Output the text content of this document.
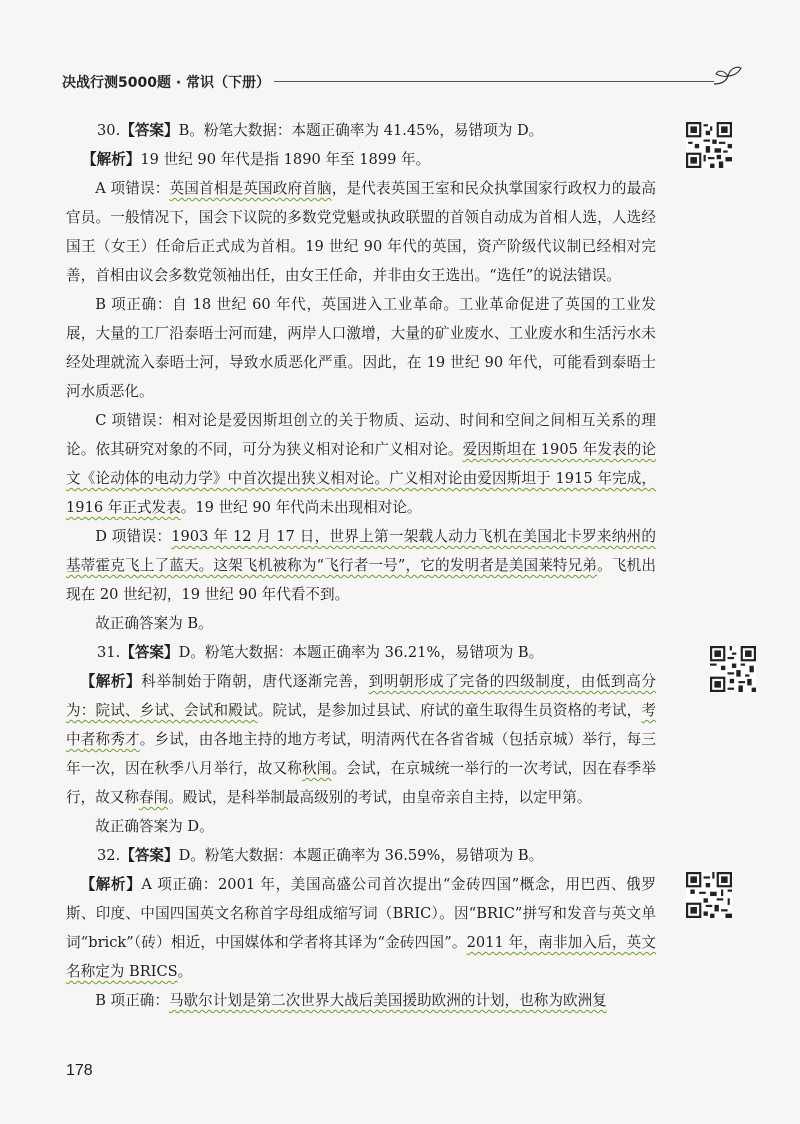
决战行测5000题 · 常识（下册）

30.【答案】B。粉笔大数据：本题正确率为 41.45%，易错项为 D。

【解析】19 世纪 90 年代是指 1890 年至 1899 年。

A 项错误：英国首相是英国政府首脑，是代表英国王室和民众执掌国家行政权力的最高官员。一般情况下，国会下议院的多数党党魁或执政联盟的首领自动成为首相人选，人选经国王（女王）任命后正式成为首相。19 世纪 90 年代的英国，资产阶级代议制已经相对完善，首相由议会多数党领袖出任，由女王任命，并非由女王选出。“选任”的说法错误。

B 项正确：自 18 世纪 60 年代，英国进入工业革命。工业革命促进了英国的工业发展，大量的工厂沿泰晤士河而建，两岸人口激增，大量的矿业废水、工业废水和生活污水未经处理就流入泰晤士河，导致水质恶化严重。因此，在 19 世纪 90 年代，可能看到泰晤士河水质恶化。

C 项错误：相对论是爱因斯坦创立的关于物质、运动、时间和空间之间相互关系的理论。依其研究对象的不同，可分为狭义相对论和广义相对论。爱因斯坦在 1905 年发表的论文《论动体的电动力学》中首次提出狭义相对论。广义相对论由爱因斯坦于 1915 年完成，1916 年正式发表。19 世纪 90 年代尚未出现相对论。

D 项错误：1903 年 12 月 17 日，世界上第一架载人动力飞机在美国北卡罗来纳州的基蒂霍克飞上了蓝天。这架飞机被称为“飞行者一号”，它的发明者是美国莱特兄弟。飞机出现在 20 世纪初，19 世纪 90 年代看不到。

故正确答案为 B。

31.【答案】D。粉笔大数据：本题正确率为 36.21%，易错项为 B。

【解析】科举制始于隋朝，唐代逐渐完善，到明朝形成了完备的四级制度，由低到高分为：院试、乡试、会试和殿试。院试，是参加过县试、府试的童生取得生员资格的考试，考中者称秀才。乡试，由各地主持的地方考试，明清两代在各省省城（包括京城）举行，每三年一次，因在秋季八月举行，故又称秋闱。会试，在京城统一举行的一次考试，因在春季举行，故又称春闱。殿试，是科举制最高级别的考试，由皇帝亲自主持，以定甲第。

故正确答案为 D。

32.【答案】D。粉笔大数据：本题正确率为 36.59%，易错项为 B。

【解析】A 项正确：2001 年，美国高盛公司首次提出“金砖四国”概念，用巴西、俄罗斯、印度、中国四国英文名称首字母组成缩写词（BRIC）。因“BRIC”拼写和发音与英文单词“brick”（砖）相近，中国媒体和学者将其译为“金砖四国”。2011 年，南非加入后，英文名称定为 BRICS。

B 项正确：马歇尔计划是第二次世界大战后美国援助欧洲的计划，也称为欧洲复

178
